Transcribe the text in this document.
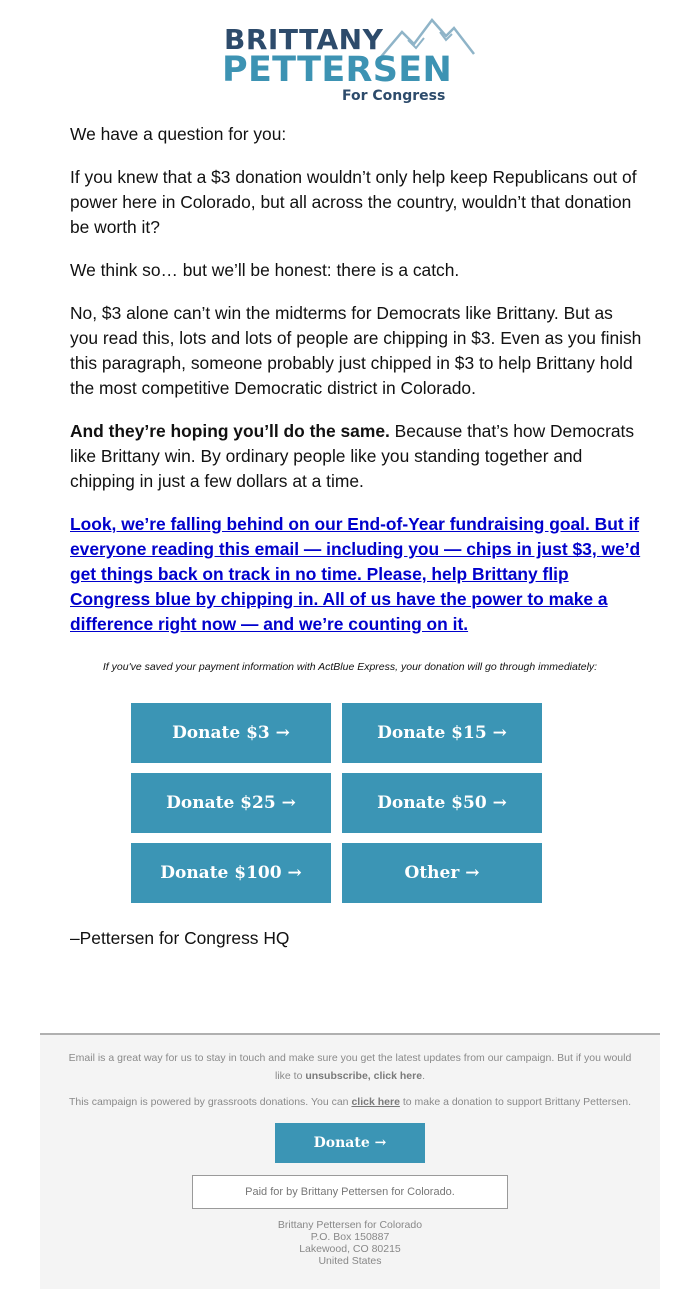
BRITTANY
PETTERSEN
For Congress

We have a question for you:

If you knew that a $3 donation wouldn’t only help keep Republicans out of power here in Colorado, but all across the country, wouldn’t that donation be worth it?

We think so… but we’ll be honest: there is a catch.

No, $3 alone can’t win the midterms for Democrats like Brittany. But as you read this, lots and lots of people are chipping in $3. Even as you finish this paragraph, someone probably just chipped in $3 to help Brittany hold the most competitive Democratic district in Colorado.

And they’re hoping you’ll do the same. Because that’s how Democrats like Brittany win. By ordinary people like you standing together and chipping in just a few dollars at a time.

Look, we’re falling behind on our End-of-Year fundraising goal. But if everyone reading this email — including you — chips in just $3, we’d get things back on track in no time. Please, help Brittany flip Congress blue by chipping in. All of us have the power to make a difference right now — and we’re counting on it.

If you've saved your payment information with ActBlue Express, your donation will go through immediately:
Donate $3 →	Donate $15 →
Donate $25 →	Donate $50 →
Donate $100 →	Other →
–Pettersen for Congress HQ
Email is a great way for us to stay in touch and make sure you get the latest updates from our campaign. But if you would like to unsubscribe, click here.
This campaign is powered by grassroots donations. You can click here to make a donation to support Brittany Pettersen.
Donate →
Paid for by Brittany Pettersen for Colorado.
Brittany Pettersen for Colorado
P.O. Box 150887
Lakewood, CO 80215
United States
